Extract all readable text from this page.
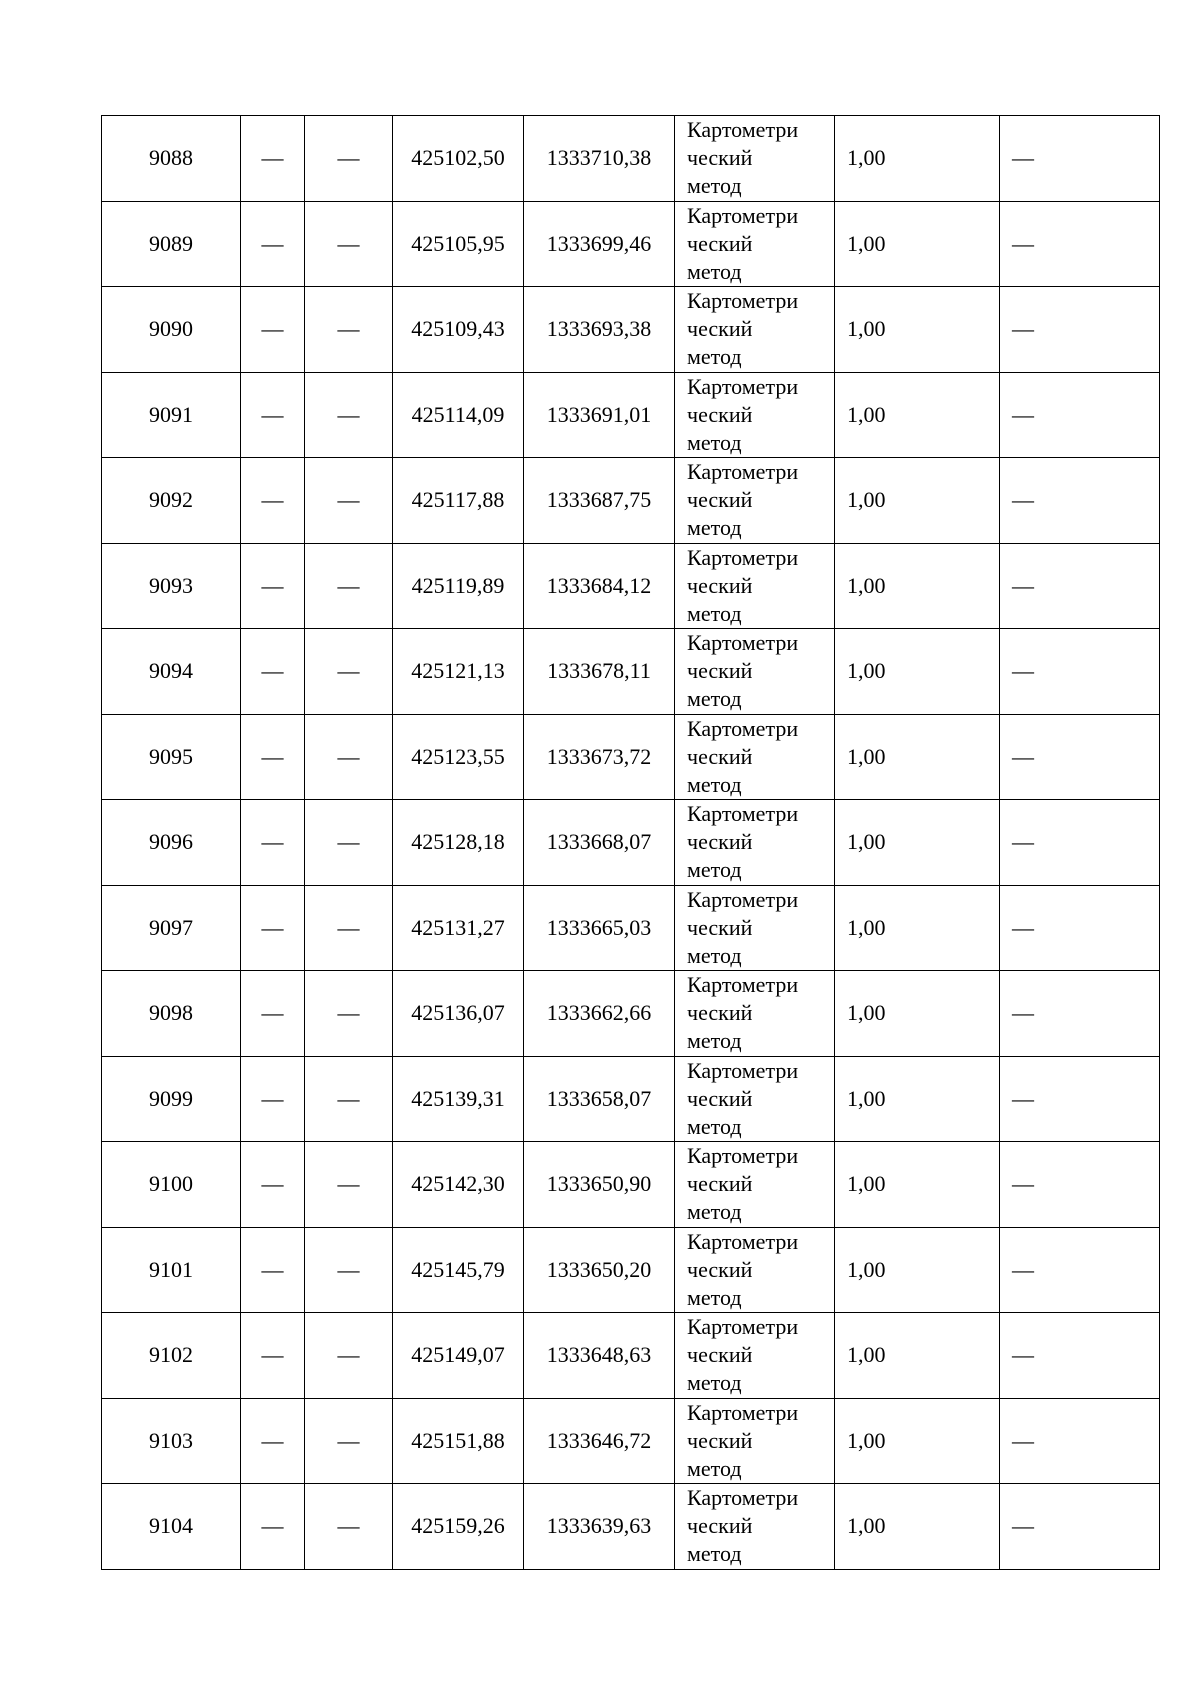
9088	—	—	425102,50	1333710,38	Картометри
ческий
метод	1,00	—
9089	—	—	425105,95	1333699,46	Картометри
ческий
метод	1,00	—
9090	—	—	425109,43	1333693,38	Картометри
ческий
метод	1,00	—
9091	—	—	425114,09	1333691,01	Картометри
ческий
метод	1,00	—
9092	—	—	425117,88	1333687,75	Картометри
ческий
метод	1,00	—
9093	—	—	425119,89	1333684,12	Картометри
ческий
метод	1,00	—
9094	—	—	425121,13	1333678,11	Картометри
ческий
метод	1,00	—
9095	—	—	425123,55	1333673,72	Картометри
ческий
метод	1,00	—
9096	—	—	425128,18	1333668,07	Картометри
ческий
метод	1,00	—
9097	—	—	425131,27	1333665,03	Картометри
ческий
метод	1,00	—
9098	—	—	425136,07	1333662,66	Картометри
ческий
метод	1,00	—
9099	—	—	425139,31	1333658,07	Картометри
ческий
метод	1,00	—
9100	—	—	425142,30	1333650,90	Картометри
ческий
метод	1,00	—
9101	—	—	425145,79	1333650,20	Картометри
ческий
метод	1,00	—
9102	—	—	425149,07	1333648,63	Картометри
ческий
метод	1,00	—
9103	—	—	425151,88	1333646,72	Картометри
ческий
метод	1,00	—
9104	—	—	425159,26	1333639,63	Картометри
ческий
метод	1,00	—
